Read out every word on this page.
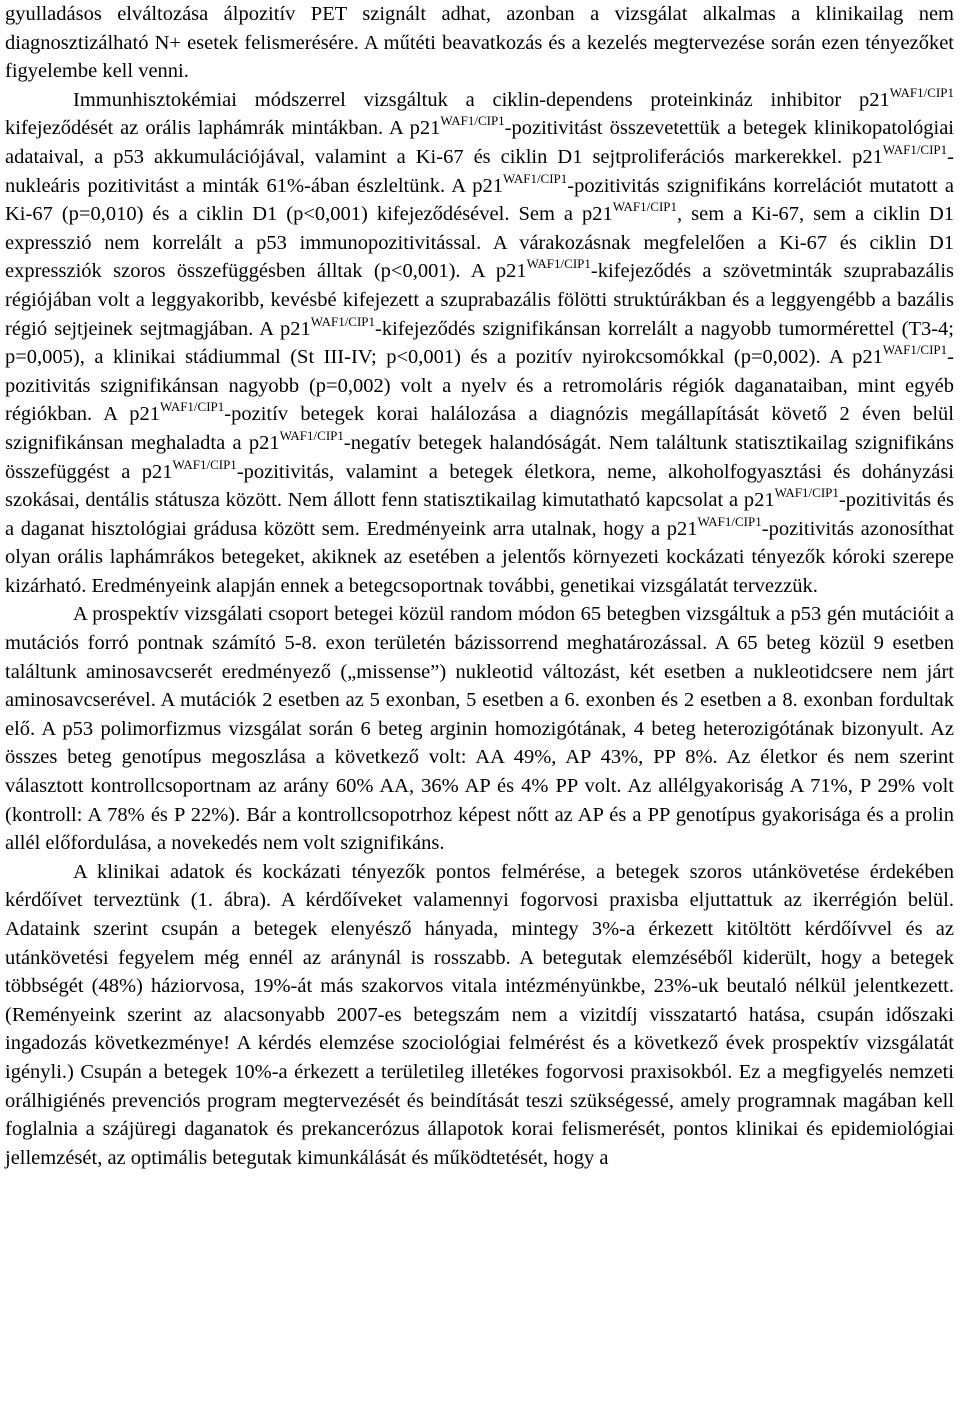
gyulladásos elváltozása álpozitív PET szignált adhat, azonban a vizsgálat alkalmas a klinikailag nem diagnosztizálható N+ esetek felismerésére. A műtéti beavatkozás és a kezelés megtervezése során ezen tényezőket figyelembe kell venni.

Immunhisztokémiai módszerrel vizsgáltuk a ciklin-dependens proteinkináz inhibitor $p21^{WAF1/CIP1}$ kifejeződését az orális laphámrák mintákban. A $p21^{WAF1/CIP1}$-pozitivitást összevetettük a betegek klinikopatológiai adataival, a p53 akkumulációjával, valamint a Ki-67 és ciklin D1 sejtproliferációs markerekkel. $p21^{WAF1/CIP1}$-nukleáris pozitivitást a minták 61%-ában észleltünk. A $p21^{WAF1/CIP1}$-pozitivitás szignifikáns korrelációt mutatott a Ki-67 (p=0,010) és a ciklin D1 (p<0,001) kifejeződésével. Sem a $p21^{WAF1/CIP1}$, sem a Ki-67, sem a ciklin D1 expresszió nem korrelált a p53 immunopozitivitással. A várakozásnak megfelelően a Ki-67 és ciklin D1 expressziók szoros összefüggésben álltak (p<0,001). A $p21^{WAF1/CIP1}$-kifejeződés a szövetminták szuprabazális régiójában volt a leggyakoribb, kevésbé kifejezett a szuprabazális fölötti struktúrákban és a leggyengébb a bazális régió sejtjeinek sejtmagjában. A $p21^{WAF1/CIP1}$-kifejeződés szignifikánsan korrelált a nagyobb tumormérettel (T3-4; p=0,005), a klinikai stádiummal (St III-IV; p<0,001) és a pozitív nyirokcsomókkal (p=0,002). A $p21^{WAF1/CIP1}$-pozitivitás szignifikánsan nagyobb (p=0,002) volt a nyelv és a retromoláris régiók daganataiban, mint egyéb régiókban. A $p21^{WAF1/CIP1}$-pozitív betegek korai halálozása a diagnózis megállapítását követő 2 éven belül szignifikánsan meghaladta a $p21^{WAF1/CIP1}$-negatív betegek halandóságát. Nem találtunk statisztikailag szignifikáns összefüggést a $p21^{WAF1/CIP1}$-pozitivitás, valamint a betegek életkora, neme, alkoholfogyasztási és dohányzási szokásai, dentális státusza között. Nem állott fenn statisztikailag kimutatható kapcsolat a $p21^{WAF1/CIP1}$-pozitivitás és a daganat hisztológiai grádusa között sem. Eredményeink arra utalnak, hogy a $p21^{WAF1/CIP1}$-pozitivitás azonosíthat olyan orális laphámrákos betegeket, akiknek az esetében a jelentős környezeti kockázati tényezők kóroki szerepe kizárható. Eredményeink alapján ennek a betegcsoportnak további, genetikai vizsgálatát tervezzük.

A prospektív vizsgálati csoport betegei közül random módon 65 betegben vizsgáltuk a p53 gén mutációit a mutációs forró pontnak számító 5-8. exon területén bázissorrend meghatározással. A 65 beteg közül 9 esetben találtunk aminosavcserét eredményező („missense”) nukleotid változást, két esetben a nukleotidcsere nem járt aminosavcserével. A mutációk 2 esetben az 5 exonban, 5 esetben a 6. exonben és 2 esetben a 8. exonban fordultak elő. A p53 polimorfizmus vizsgálat során 6 beteg arginin homozigótának, 4 beteg heterozigótának bizonyult. Az összes beteg genotípus megoszlása a következő volt: AA 49%, AP 43%, PP 8%. Az életkor és nem szerint választott kontrollcsoportnam az arány 60% AA, 36% AP és 4% PP volt. Az allélgyakoriság A 71%, P 29% volt (kontroll: A 78% és P 22%). Bár a kontrollcsopotrhoz képest nőtt az AP és a PP genotípus gyakorisága és a prolin allél előfordulása, a novekedés nem volt szignifikáns.

A klinikai adatok és kockázati tényezők pontos felmérése, a betegek szoros utánkövetése érdekében kérdőívet terveztünk (1. ábra). A kérdőíveket valamennyi fogorvosi praxisba eljuttattuk az ikerrégión belül. Adataink szerint csupán a betegek elenyésző hányada, mintegy 3%-a érkezett kitöltött kérdőívvel és az utánkövetési fegyelem még ennél az aránynál is rosszabb. A betegutak elemzéséből kiderült, hogy a betegek többségét (48%) háziorvosa, 19%-át más szakorvos vitala intézményünkbe, 23%-uk beutaló nélkül jelentkezett. (Reményeink szerint az alacsonyabb 2007-es betegszám nem a vizitdíj visszatartó hatása, csupán időszaki ingadozás következménye! A kérdés elemzése szociológiai felmérést és a következő évek prospektív vizsgálatát igényli.) Csupán a betegek 10%-a érkezett a területileg illetékes fogorvosi praxisokból. Ez a megfigyelés nemzeti orálhigiénés prevenciós program megtervezését és beindítását teszi szükségessé, amely programnak magában kell foglalnia a szájüregi daganatok és prekancerózus állapotok korai felismerését, pontos klinikai és epidemiológiai jellemzését, az optimális betegutak kimunkálását és működtetését, hogy a
